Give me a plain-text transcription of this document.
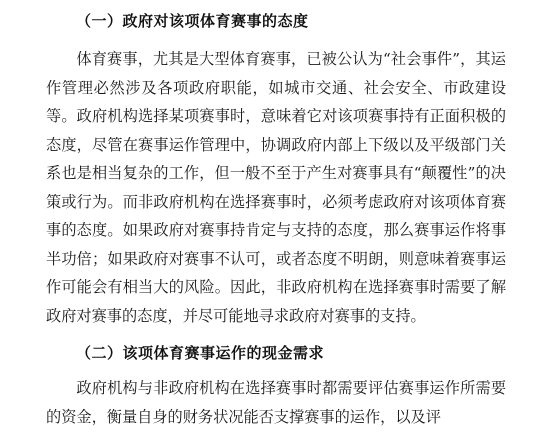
（一）政府对该项体育赛事的态度

体育赛事，尤其是大型体育赛事，已被公认为“社会事件”，其运作管理必然涉及各项政府职能，如城市交通、社会安全、市政建设等。政府机构选择某项赛事时，意味着它对该项赛事持有正面积极的态度，尽管在赛事运作管理中，协调政府内部上下级以及平级部门关系也是相当复杂的工作，但一般不至于产生对赛事具有“颠覆性”的决策或行为。而非政府机构在选择赛事时，必须考虑政府对该项体育赛事的态度。如果政府对赛事持肯定与支持的态度，那么赛事运作将事半功倍；如果政府对赛事不认可，或者态度不明朗，则意味着赛事运作可能会有相当大的风险。因此，非政府机构在选择赛事时需要了解政府对赛事的态度，并尽可能地寻求政府对赛事的支持。

（二）该项体育赛事运作的现金需求

政府机构与非政府机构在选择赛事时都需要评估赛事运作所需要的资金，衡量自身的财务状况能否支撑赛事的运作，以及评
